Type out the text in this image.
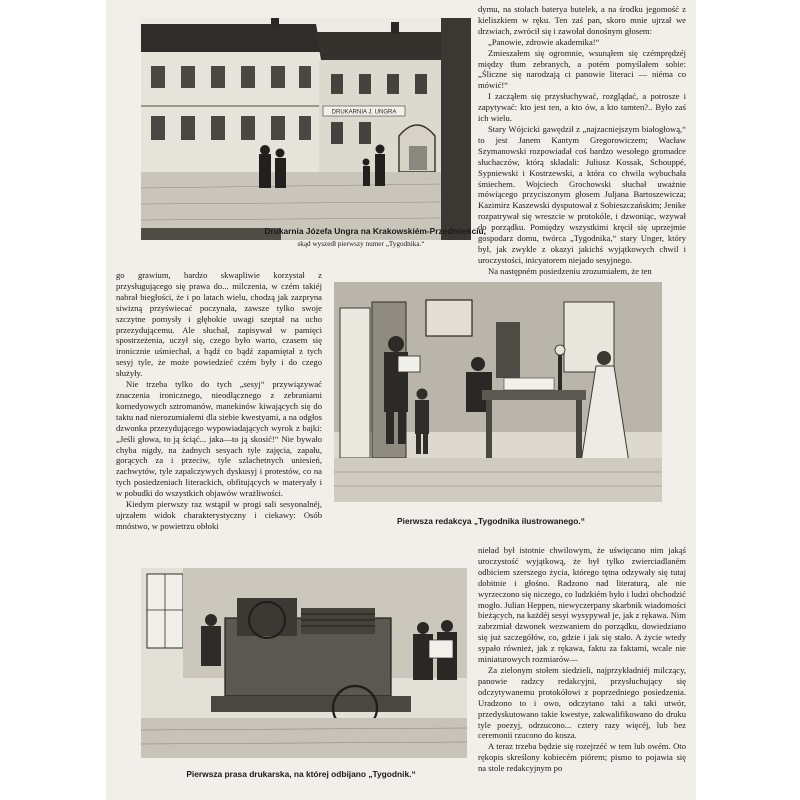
DRUKARNIA J. UNGRA
Drukarnia Józefa Ungra na Krakowskiém-Przedmieściu,
skąd wyszedł pierwszy numer „Tygodnika.“

dymu, na stołach baterya butelek, a na środku jegomość z kieliszkiem w ręku. Ten zaś pan, skoro mnie ujrzał we drzwiach, zwrócił się i zawołał donośnym głosem:

„Panowie, zdrowie akademika!“

Zmieszałem się ogromnie, wsunąłem się czémprędzéj między tłum zebranych, a potém pomyślałem sobie: „Śliczne się narodzają ci panowie literaci — niéma co mówić!“

I zacząłem się przysłuchywać, rozglądać, a potrosze i zapytywać: kto jest ten, a kto ów, a kto tamten?.. Było zaś ich wielu.

Stary Wójcicki gawędził z „najzacniejszym białogłową,“ to jest Janem Kantym Gregorowiczem; Wacław Szymanowski rozpowiadał coś bardzo wesołego gromadce słuchaczów, którą składali: Juliusz Kossak, Schouppé, Sypniewski i Kostrzewski, a która co chwila wybuchała śmiechem. Wojciech Grochowski słuchał uważnie mówiącego przyciszonym głosem Juljana Bartoszewicza; Kazimirz Kaszewski dysputował z Sobieszczańskim; Jenike rozpatrywał się wreszcie w protokóle, i dzwoniąc, wzywał do porządku. Pomiędzy wszystkimi kręcił się uprzejmie gospodarz domu, twórca „Tygodnika,“ stary Unger, który był, jak zwykle z okazyi jakichś wyjątkowych chwil i uroczystości, inicyatorem niejado sesyjnego.

Na następném posiedzeniu zrozumiałem, że ten

go grawium, bardzo skwapliwie korzystał z przysługującego się prawa do... milczenia, w czém takiéj nabrał biegłości, że i po latach wielu, chodzą jak zazpryna siwizną przyświecać poczynała, zawsze tylko swoje szczytne pomysły i głębokie uwagi szeptał na ucho przezydującemu. Ale słuchał, zapisywał w pamięci spostrzeżenia, uczył się, czego było warto, czasem się ironicznie uśmiechał, a bądź co bądź zapamiętał z tych sesyj tyle, że może powiedzieć czém były i do czego służyły.

Nie trzeba tylko do tych „sesyj“ przywiązywać znaczenia ironicznego, nieodłącznego z zebraniami komedyowych sztromanów, manekinów kiwających się do taktu nad nierozumiałemi dla siebie kwestyami, a na odgłos dzwonka przezydującego wypowiadających wyrok z bajki: „Jeśli głowa, to ją ściąć... jaka—to ją skosić!“ Nie bywało chyba nigdy, na żadnych sesyach tyle zajęcia, zapału, gorących za i przeciw, tyle szlachetnych uniesień, zachwytów, tyle zapalczywych dyskusyj i protestów, co na tych posiedzeniach literackich, obfitujących w materyały i w pobudki do wszystkich objawów wrażliwości.

Kiedym pierwszy raz wstąpił w progi sali sesyonalnéj, ujrzałem widok charakterystyczny i ciekawy: Osób mnóstwo, w powietrzu obłoki	Pierwsza redakcya „Tygodnika ilustrowanego.“
Pierwsza prasa drukarska, na której odbijano „Tygodnik.“

nieład był istotnie chwilowym, że uświęcano nim jakąś uroczystość wyjątkową, że był tylko zwierciadlaném odbiciem szerszego życia, którego tętna odzywały się tutaj dobitnie i głośno. Radzono nad literaturą, ale nie wyrzeczono się niczego, co ludzkiém było i ludzi obchodzić mogło. Julian Heppen, niewyczerpany skarbnik wiadomości bieżących, na każdéj sesyi wysypywał je, jak z rękawa. Nim zabrzmiał dzwonek wezwaniem do porządku, dowiedziano się już szczegółów, co, gdzie i jak się stało. A życie wtedy sypało również, jak z rękawa, faktu za faktami, wcale nie miniaturowych rozmiarów—

Za zielonym stołem siedzieli, najprzykładniéj milczący, panowie radzcy redakcyjni, przysłuchujący się odczytywanemu protokółowi z poprzedniego posiedzenia. Uradzono to i owo, odczytano taki a taki utwór, przedyskutowano takie kwestye, zakwalifikowano do druku tyle poezyj, odrzucono... cztery razy więcéj, lub bez ceremonii rzucono do kosza.

A teraz trzeba będzie się rozejrzéć w tem lub owém. Oto rękopis skreślony kobiecém piórem; pismo to pojawia się na stole redakcyjnym po
